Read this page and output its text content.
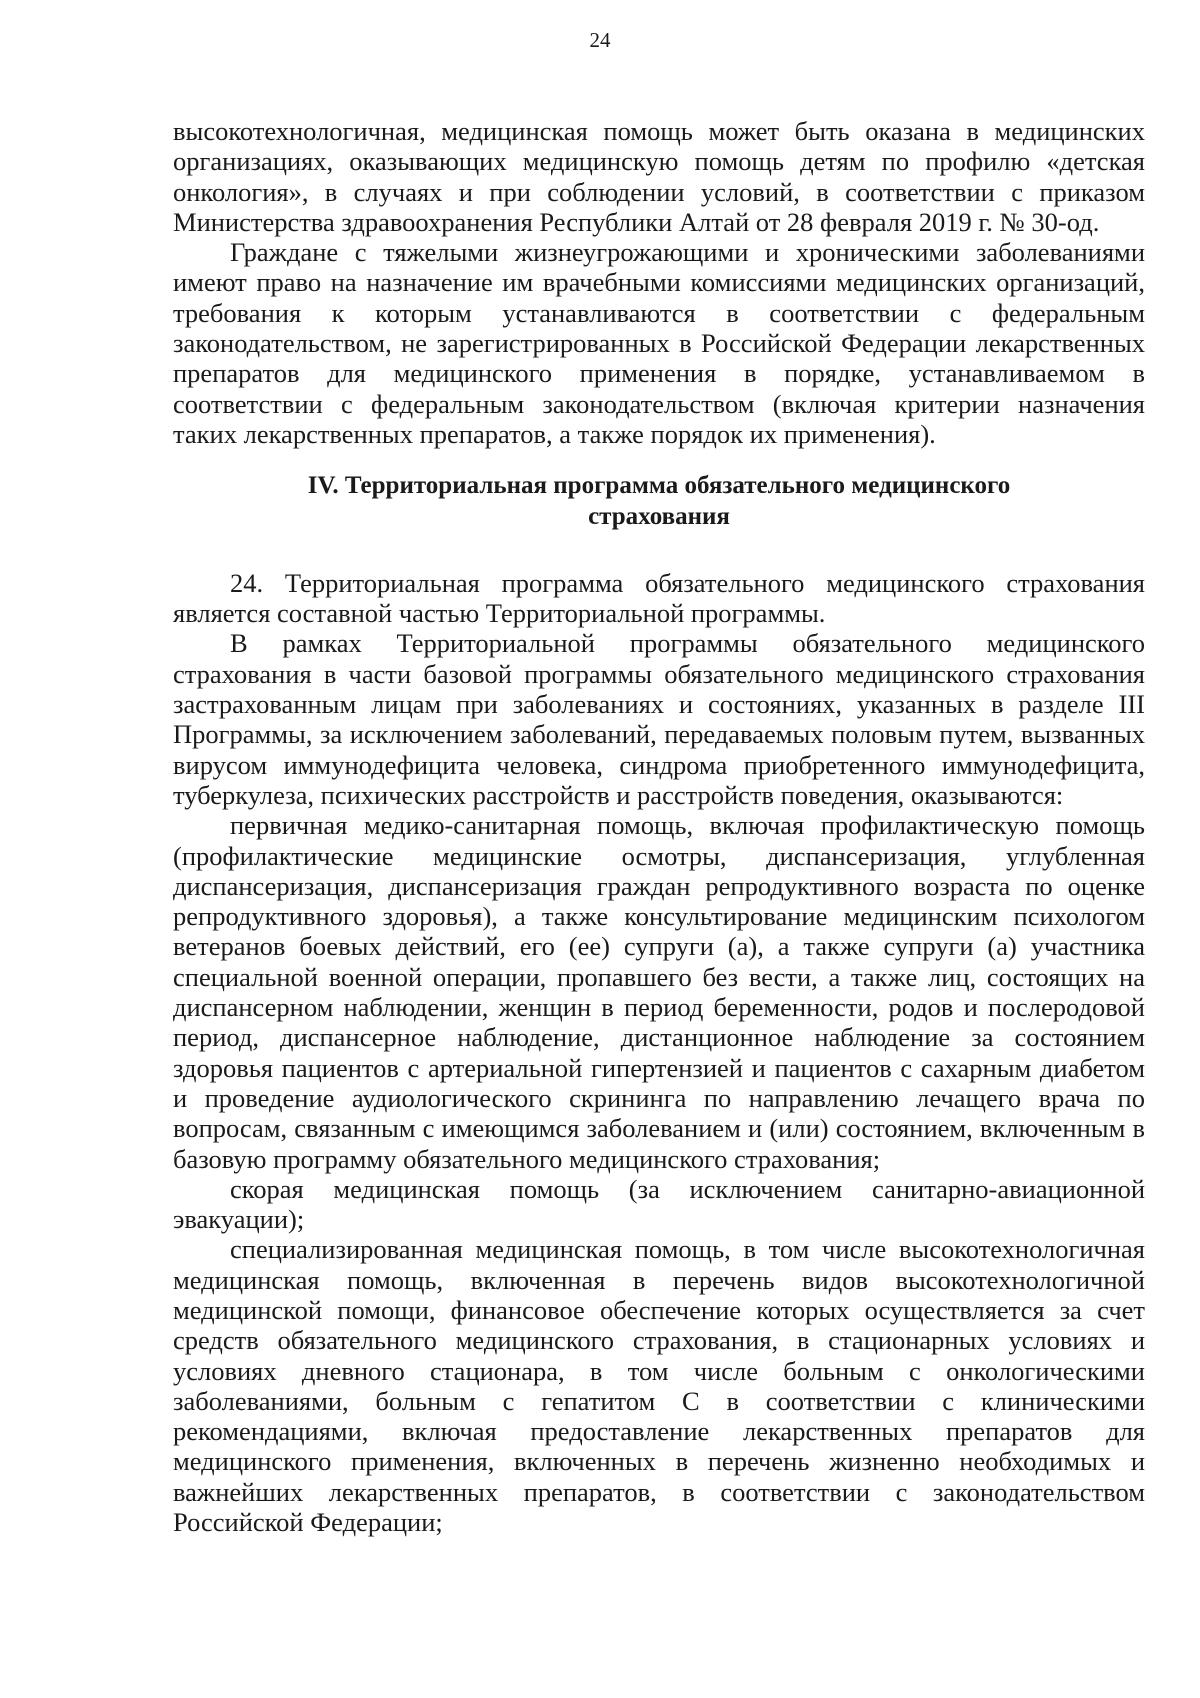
24

высокотехнологичная, медицинская помощь может быть оказана в медицинских организациях, оказывающих медицинскую помощь детям по профилю «детская онкология», в случаях и при соблюдении условий, в соответствии с приказом Министерства здравоохранения Республики Алтай от 28 февраля 2019 г. № 30-од.

Граждане с тяжелыми жизнеугрожающими и хроническими заболеваниями имеют право на назначение им врачебными комиссиями медицинских организаций, требования к которым устанавливаются в соответствии с федеральным законодательством, не зарегистрированных в Российской Федерации лекарственных препаратов для медицинского применения в порядке, устанавливаемом в соответствии с федеральным законодательством (включая критерии назначения таких лекарственных препаратов, а также порядок их применения).

IV. Территориальная программа обязательного медицинского
страхования

24. Территориальная программа обязательного медицинского страхования является составной частью Территориальной программы.

В рамках Территориальной программы обязательного медицинского страхования в части базовой программы обязательного медицинского страхования застрахованным лицам при заболеваниях и состояниях, указанных в разделе III Программы, за исключением заболеваний, передаваемых половым путем, вызванных вирусом иммунодефицита человека, синдрома приобретенного иммунодефицита, туберкулеза, психических расстройств и расстройств поведения, оказываются:

первичная медико-санитарная помощь, включая профилактическую помощь (профилактические медицинские осмотры, диспансеризация, углубленная диспансеризация, диспансеризация граждан репродуктивного возраста по оценке репродуктивного здоровья), а также консультирование медицинским психологом ветеранов боевых действий, его (ее) супруги (а), а также супруги (а) участника специальной военной операции, пропавшего без вести, а также лиц, состоящих на диспансерном наблюдении, женщин в период беременности, родов и послеродовой период, диспансерное наблюдение, дистанционное наблюдение за состоянием здоровья пациентов с артериальной гипертензией и пациентов с сахарным диабетом и проведение аудиологического скрининга по направлению лечащего врача по вопросам, связанным с имеющимся заболеванием и (или) состоянием, включенным в базовую программу обязательного медицинского страхования;

скорая медицинская помощь (за исключением санитарно-авиационной эвакуации);

специализированная медицинская помощь, в том числе высокотехнологичная медицинская помощь, включенная в перечень видов высокотехнологичной медицинской помощи, финансовое обеспечение которых осуществляется за счет средств обязательного медицинского страхования, в стационарных условиях и условиях дневного стационара, в том числе больным с онкологическими заболеваниями, больным с гепатитом С в соответствии с клиническими рекомендациями, включая предоставление лекарственных препаратов для медицинского применения, включенных в перечень жизненно необходимых и важнейших лекарственных препаратов, в соответствии с законодательством Российской Федерации;
